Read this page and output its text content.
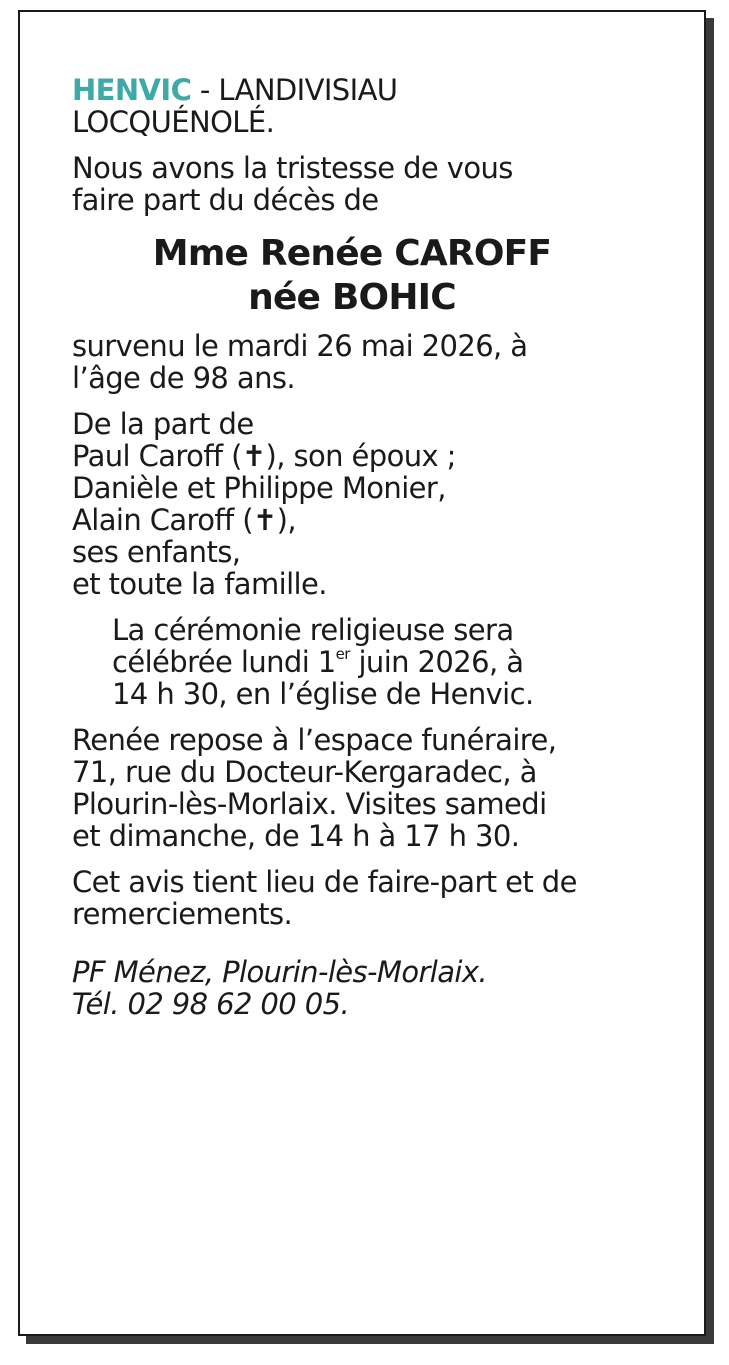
HENVIC - LANDIVISIAU
LOCQUÉNOLÉ.
Nous avons la tristesse de vous
faire part du décès de
Mme Renée CAROFF
née BOHIC
survenu le mardi 26 mai 2026, à
l’âge de 98 ans.
De la part de
Paul Caroff (✝), son époux ;
Danièle et Philippe Monier,
Alain Caroff (✝),
ses enfants,
et toute la famille.
La cérémonie religieuse sera
célébrée lundi 1er juin 2026, à
14 h 30, en l’église de Henvic.
Renée repose à l’espace funéraire,
71, rue du Docteur-Kergaradec, à
Plourin-lès-Morlaix. Visites samedi
et dimanche, de 14 h à 17 h 30.
Cet avis tient lieu de faire-part et de
remerciements.
PF Ménez, Plourin-lès-Morlaix.
Tél. 02 98 62 00 05.
